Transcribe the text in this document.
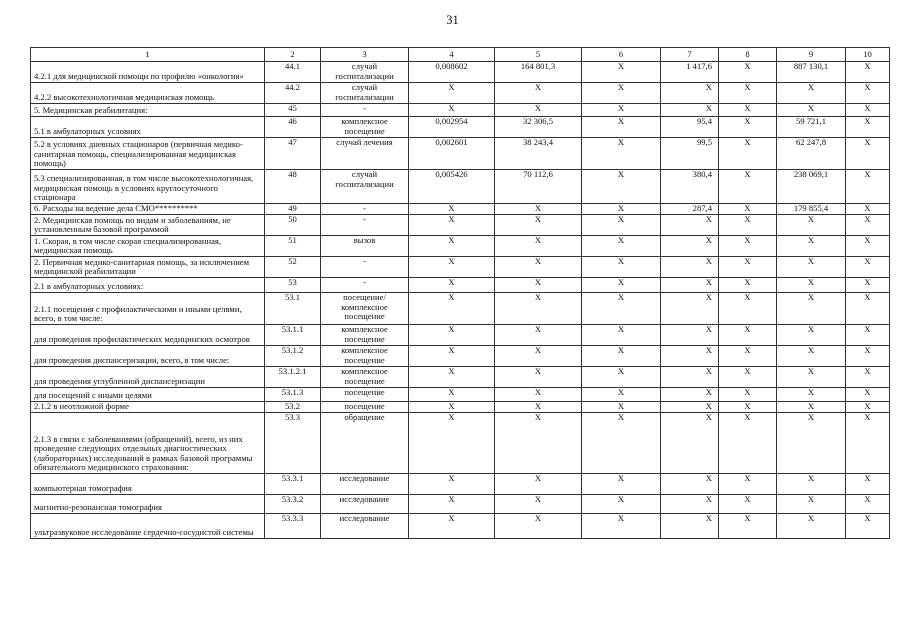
31
1	2	3	4	5	6	7	8	9	10
4.2.1 для медицинской помощи по профилю «онкология»	44.1	случай госпитализации	0,008602	164 801,3	X	1 417,6	X	887 130,1	X
4.2.2 высокотехнологичная медицинская помощь	44.2	случай госпитализации	X	X	X	X	X	X	X
5. Медицинская реабилитация:	45	-	X	X	X	X	X	X	X
5.1 в амбулаторных условиях	46	комплексное посещение	0,002954	32 306,5	X	95,4	X	59 721,1	X
5.2 в условиях дневных стационаров (первичная медико-санитарная помощь, специализированная медицинская помощь)	47	случай лечения	0,002601	38 243,4	X	99,5	X	62 247,8	X
5.3 специализированная, в том числе высокотехнологичная, медицинская помощь в условиях круглосуточного стационара	48	случай госпитализации	0,005426	70 112,6	X	380,4	X	238 069,1	X
6. Расходы на ведение дела СМО**********	49	-	X	X	X	287,4	X	179 855,4	X
2. Медицинская помощь по видам и заболеваниям, не установленным базовой программой	50	-	X	X	X	X	X	X	X
1. Скорая, в том числе скорая специализированная, медицинская помощь	51	вызов	X	X	X	X	X	X	X
2. Первичная медико-санитарная помощь, за исключением медицинской реабилитации	52	-	X	X	X	X	X	X	X
2.1 в амбулаторных условиях:	53	-	X	X	X	X	X	X	X
2.1.1 посещения с профилактическими и иными целями, всего, в том числе:	53.1	посещение/ комплексное посещение	X	X	X	X	X	X	X
для проведения профилактических медицинских осмотров	53.1.1	комплексное посещение	X	X	X	X	X	X	X
для проведения диспансеризации, всего, в том числе:	53.1.2	комплексное посещение	X	X	X	X	X	X	X
для проведения углубленной диспансеризации	53.1.2.1	комплексное посещение	X	X	X	X	X	X	X
для посещений с иными целями	53.1.3	посещение	X	X	X	X	X	X	X
2.1.2 в неотложной форме	53.2	посещение	X	X	X	X	X	X	X
2.1.3 в связи с заболеваниями (обращений), всего, из них проведение следующих отдельных диагностических (лабораторных) исследований в рамках базовой программы обязательного медицинского страхования:	53.3	обращение	X	X	X	X	X	X	X
компьютерная томография	53.3.1	исследование	X	X	X	X	X	X	X
магнитно-резонансная томография	53.3.2	исследование	X	X	X	X	X	X	X
ультразвуковое исследование сердечно-сосудистой системы	53.3.3	исследование	X	X	X	X	X	X	X
